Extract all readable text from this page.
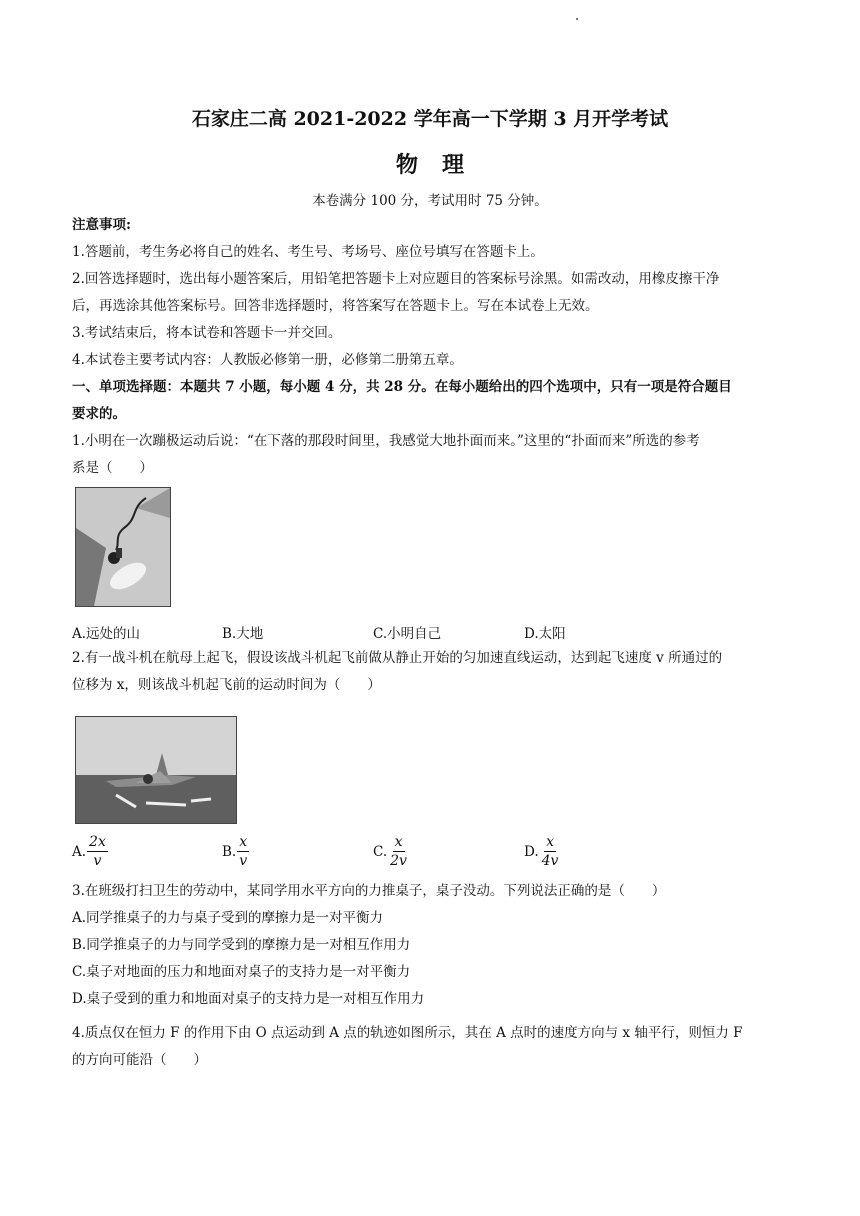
石家庄二高 2021-2022 学年高一下学期 3 月开学考试
物理
本卷满分 100 分，考试用时 75 分钟。
注意事项:
1.答题前，考生务必将自己的姓名、考生号、考场号、座位号填写在答题卡上。
2.回答选择题时，选出每小题答案后，用铅笔把答题卡上对应题目的答案标号涂黑。如需改动，用橡皮擦干净
后，再选涂其他答案标号。回答非选择题时，将答案写在答题卡上。写在本试卷上无效。
3.考试结束后，将本试卷和答题卡一并交回。
4.本试卷主要考试内容：人教版必修第一册，必修第二册第五章。
一、单项选择题：本题共 7 小题，每小题 4 分，共 28 分。在每小题给出的四个选项中，只有一项是符合题目
要求的。
1.小明在一次蹦极运动后说：“在下落的那段时间里，我感觉大地扑面而来。”这里的“扑面而来”所选的参考
系是（　　）
A.远处的山	B.大地	C.小明自己	D.太阳
2.有一战斗机在航母上起飞，假设该战斗机起飞前做从静止开始的匀加速直线运动，达到起飞速度 v 所通过的
位移为 x，则该战斗机起飞前的运动时间为（　　）
A. $\frac{2x}{v}$	B. $\frac{x}{v}$	C. $\frac{x}{2v}$	D. $\frac{x}{4v}$
3.在班级打扫卫生的劳动中，某同学用水平方向的力推桌子，桌子没动。下列说法正确的是（　　）
A.同学推桌子的力与桌子受到的摩擦力是一对平衡力
B.同学推桌子的力与同学受到的摩擦力是一对相互作用力
C.桌子对地面的压力和地面对桌子的支持力是一对平衡力
D.桌子受到的重力和地面对桌子的支持力是一对相互作用力
4.质点仅在恒力 F 的作用下由 O 点运动到 A 点的轨迹如图所示，其在 A 点时的速度方向与 x 轴平行，则恒力 F
的方向可能沿（　　）
